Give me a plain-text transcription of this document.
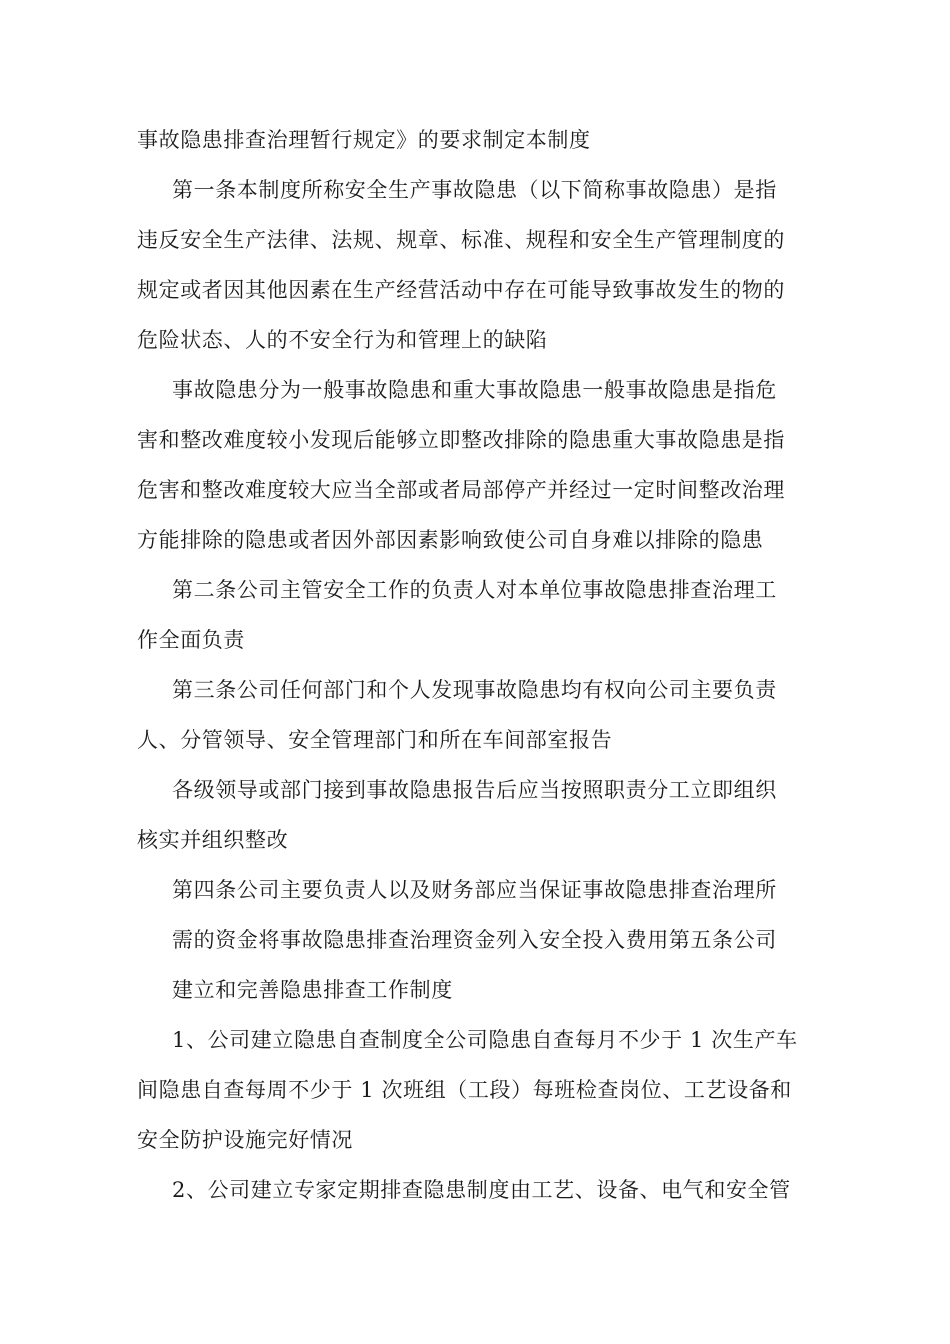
事故隐患排查治理暂行规定》的要求制定本制度

第一条本制度所称安全生产事故隐患（以下简称事故隐患）是指

违反安全生产法律、法规、规章、标准、规程和安全生产管理制度的

规定或者因其他因素在生产经营活动中存在可能导致事故发生的物的

危险状态、人的不安全行为和管理上的缺陷

事故隐患分为一般事故隐患和重大事故隐患一般事故隐患是指危

害和整改难度较小发现后能够立即整改排除的隐患重大事故隐患是指

危害和整改难度较大应当全部或者局部停产并经过一定时间整改治理

方能排除的隐患或者因外部因素影响致使公司自身难以排除的隐患

第二条公司主管安全工作的负责人对本单位事故隐患排查治理工

作全面负责

第三条公司任何部门和个人发现事故隐患均有权向公司主要负责

人、分管领导、安全管理部门和所在车间部室报告

各级领导或部门接到事故隐患报告后应当按照职责分工立即组织

核实并组织整改

第四条公司主要负责人以及财务部应当保证事故隐患排查治理所

需的资金将事故隐患排查治理资金列入安全投入费用第五条公司

建立和完善隐患排查工作制度

1、公司建立隐患自查制度全公司隐患自查每月不少于 1 次生产车

间隐患自查每周不少于 1 次班组（工段）每班检查岗位、工艺设备和

安全防护设施完好情况

2、公司建立专家定期排查隐患制度由工艺、设备、电气和安全管
